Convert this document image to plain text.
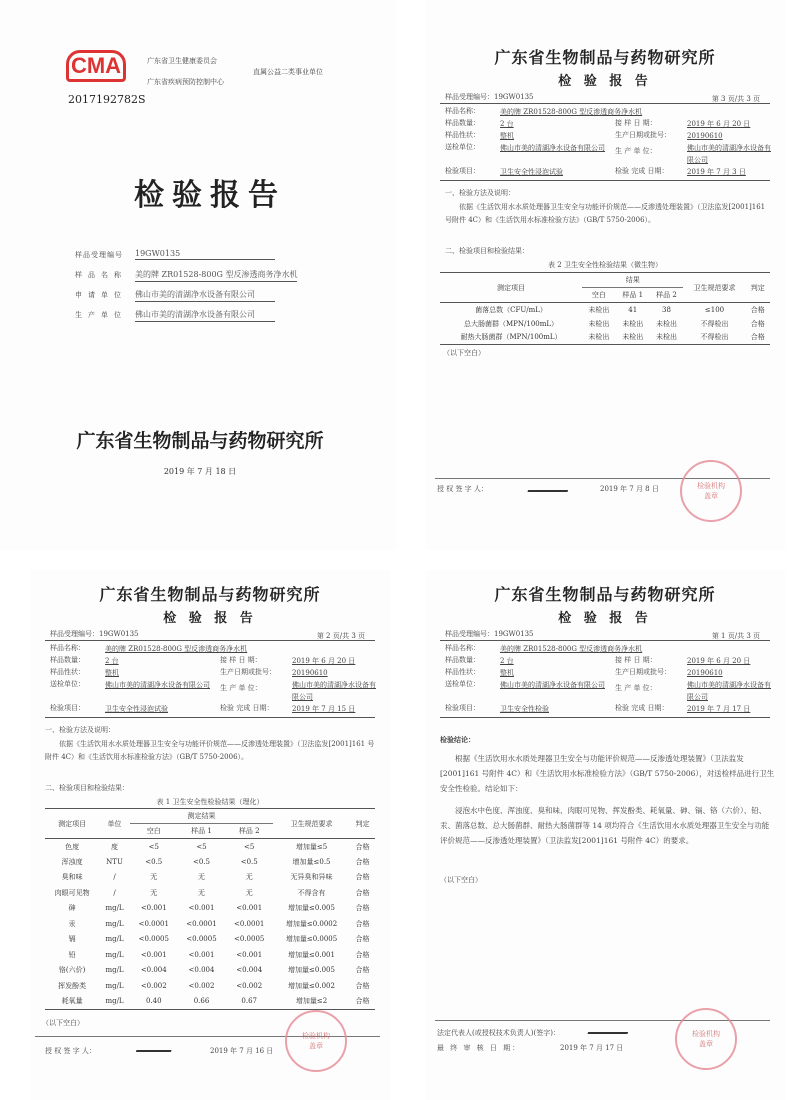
CMA	广东省卫生健康委员会
广东省疾病预防控制中心
直属公益二类事业单位
2017192782S
检验报告
样品受理编号 19GW0135
样品名称 美的牌 ZR01528-800G 型反渗透商务净水机
申请单位 佛山市美的清湖净水设备有限公司
生产单位 佛山市美的清湖净水设备有限公司
广东省生物制品与药物研究所
2019 年 7 月 18 日
广东省生物制品与药物研究所
检 验 报 告
样品受理编号：19GW0135	第 3 页/共 3 页
样品名称：	美的牌 ZR01528-800G 型反渗透商务净水机
样品数量：	2 台	接 样 日 期：	2019 年 6 月 20 日
样品性状：	整机	生产日期或批号： 20190610
送检单位：	佛山市美的清湖净水设备有限公司 生 产 单 位：	佛山市美的清湖净水设备有限公司
检验项目：	卫生安全性浸泡试验	检验 完成 日期：	2019 年 7 月 3 日
一、检验方法及说明：
依据《生活饮用水水质处理器卫生安全与功能评价规范——反渗透处理装置》（卫法监发[2001]161 号附件 4C）和《生活饮用水标准检验方法》（GB/T 5750-2006）。
二、检验项目和检验结果：
表 2 卫生安全性检验结果（微生物）
测定项目	结果			卫生规范要求	判定
	空白	样品 1	样品 2		
菌落总数（CFU/mL）	未检出	41	38	≤100	合格
总大肠菌群（MPN/100mL）	未检出	未检出	未检出	不得检出	合格
耐热大肠菌群（MPN/100mL）	未检出	未检出	未检出	不得检出	合格
（以下空白）
授 权 签 字 人：	2019 年 7 月 8 日	检验机构
盖章
广东省生物制品与药物研究所
检 验 报 告
样品受理编号：19GW0135	第 2 页/共 3 页
样品名称：	美的牌 ZR01528-800G 型反渗透商务净水机
样品数量：	2 台	接 样 日 期：	2019 年 6 月 20 日
样品性状：	整机	生产日期或批号： 20190610
送检单位：	佛山市美的清湖净水设备有限公司 生 产 单 位：	佛山市美的清湖净水设备有限公司
检验项目：	卫生安全性浸泡试验	检验 完成 日期：	2019 年 7 月 15 日
一、检验方法及说明：
依据《生活饮用水水质处理器卫生安全与功能评价规范——反渗透处理装置》（卫法监发[2001]161 号附件 4C）和《生活饮用水标准检验方法》（GB/T 5750-2006）。
二、检验项目和检验结果：
表 1 卫生安全性检验结果（理化）
测定项目	单位	测定结果			卫生规范要求	判定
		空白	样品 1	样品 2		
色度	度	<5	<5	<5	增加量≤5	合格
浑浊度	NTU	<0.5	<0.5	<0.5	增加量≤0.5	合格
臭和味	/	无	无	无	无异臭和异味	合格
肉眼可见物	/	无	无	无	不得含有	合格
砷	mg/L	<0.001	<0.001	<0.001	增加量≤0.005	合格
汞	mg/L	<0.0001	<0.0001	<0.0001	增加量≤0.0002	合格
镉	mg/L	<0.0005	<0.0005	<0.0005	增加量≤0.0005	合格
铅	mg/L	<0.001	<0.001	<0.001	增加量≤0.001	合格
铬(六价)	mg/L	<0.004	<0.004	<0.004	增加量≤0.005	合格
挥发酚类	mg/L	<0.002	<0.002	<0.002	增加量≤0.002	合格
耗氧量	mg/L	0.40	0.66	0.67	增加量≤2	合格
（以下空白）
授 权 签 字 人：	2019 年 7 月 16 日
检验机构
盖章
广东省生物制品与药物研究所
检 验 报 告
样品受理编号：19GW0135	第 1 页/共 3 页
样品名称：	美的牌 ZR01528-800G 型反渗透商务净水机
样品数量：	2 台	接 样 日 期：	2019 年 6 月 20 日
样品性状：	整机	生产日期或批号： 20190610
送检单位：	佛山市美的清湖净水设备有限公司 生 产 单 位：	佛山市美的清湖净水设备有限公司
检验项目：	卫生安全性检验	检验 完成 日期：	2019 年 7 月 17 日
检验结论：
根据《生活饮用水水质处理器卫生安全与功能评价规范——反渗透处理装置》（卫法监发[2001]161 号附件 4C）和《生活饮用水标准检验方法》（GB/T 5750-2006），对送检样品进行卫生安全性检验。结论如下：
浸泡水中色度、浑浊度、臭和味、肉眼可见物、挥发酚类、耗氧量、砷、镉、铬（六价）、铅、汞、菌落总数、总大肠菌群、耐热大肠菌群等 14 项均符合《生活饮用水水质处理器卫生安全与功能评价规范——反渗透处理装置》（卫法监发[2001]161 号附件 4C）的要求。
（以下空白）
法定代表人(或授权技术负责人)(签字)：
最 终 审 核 日 期：	2019 年 7 月 17 日
检验机构
盖章
